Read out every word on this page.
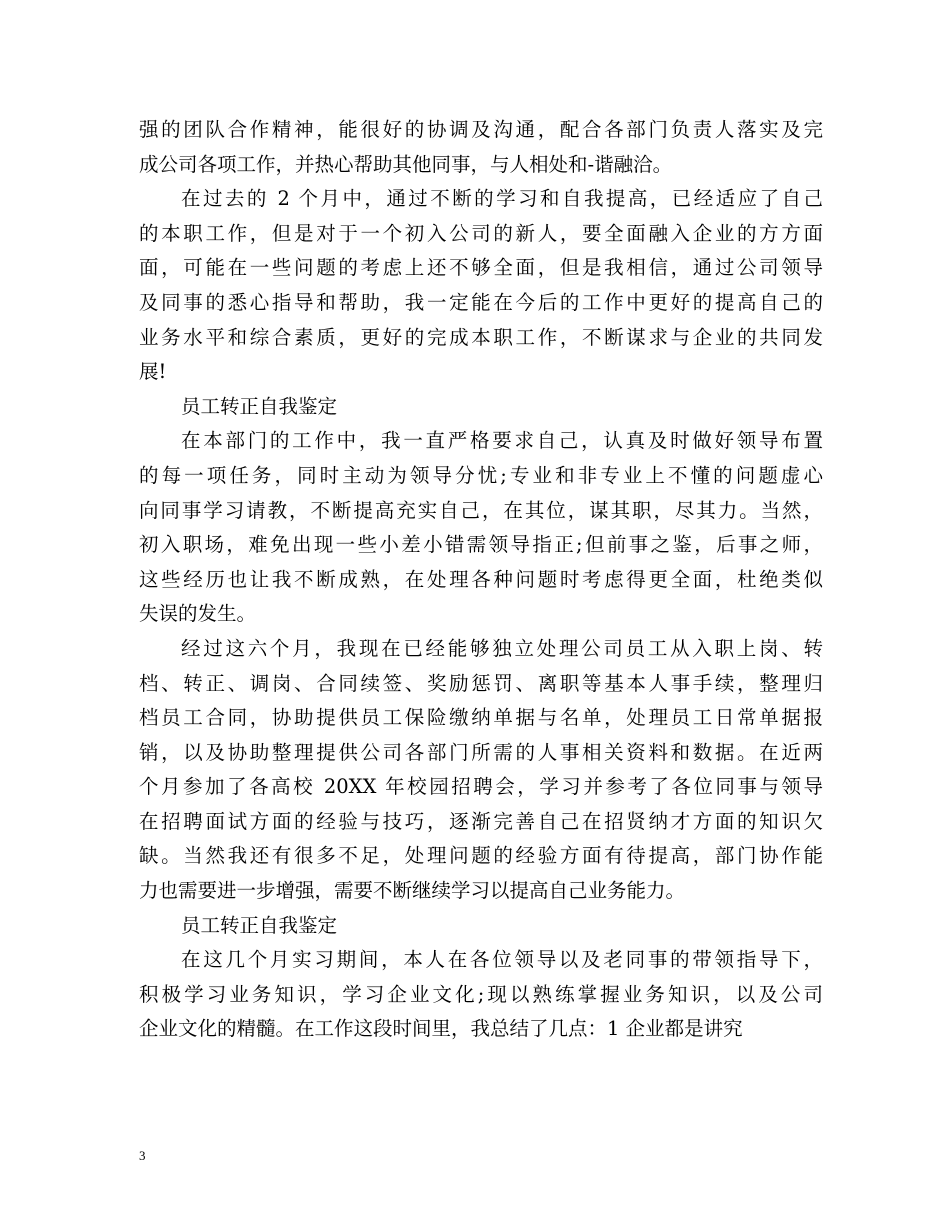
强的团队合作精神，能很好的协调及沟通，配合各部门负责人落实及完
成公司各项工作，并热心帮助其他同事，与人相处和-谐融洽。
在过去的 2 个月中，通过不断的学习和自我提高，已经适应了自己
的本职工作，但是对于一个初入公司的新人，要全面融入企业的方方面
面，可能在一些问题的考虑上还不够全面，但是我相信，通过公司领导
及同事的悉心指导和帮助，我一定能在今后的工作中更好的提高自己的
业务水平和综合素质，更好的完成本职工作，不断谋求与企业的共同发
展!
员工转正自我鉴定
在本部门的工作中，我一直严格要求自己，认真及时做好领导布置
的每一项任务，同时主动为领导分忧;专业和非专业上不懂的问题虚心
向同事学习请教，不断提高充实自己，在其位，谋其职，尽其力。当然，
初入职场，难免出现一些小差小错需领导指正;但前事之鉴，后事之师，
这些经历也让我不断成熟，在处理各种问题时考虑得更全面，杜绝类似
失误的发生。
经过这六个月，我现在已经能够独立处理公司员工从入职上岗、转
档、转正、调岗、合同续签、奖励惩罚、离职等基本人事手续，整理归
档员工合同，协助提供员工保险缴纳单据与名单，处理员工日常单据报
销，以及协助整理提供公司各部门所需的人事相关资料和数据。在近两
个月参加了各高校 20XX 年校园招聘会，学习并参考了各位同事与领导
在招聘面试方面的经验与技巧，逐渐完善自己在招贤纳才方面的知识欠
缺。当然我还有很多不足，处理问题的经验方面有待提高，部门协作能
力也需要进一步增强，需要不断继续学习以提高自己业务能力。
员工转正自我鉴定
在这几个月实习期间，本人在各位领导以及老同事的带领指导下，
积极学习业务知识，学习企业文化;现以熟练掌握业务知识，以及公司
企业文化的精髓。在工作这段时间里，我总结了几点：1 企业都是讲究
3
